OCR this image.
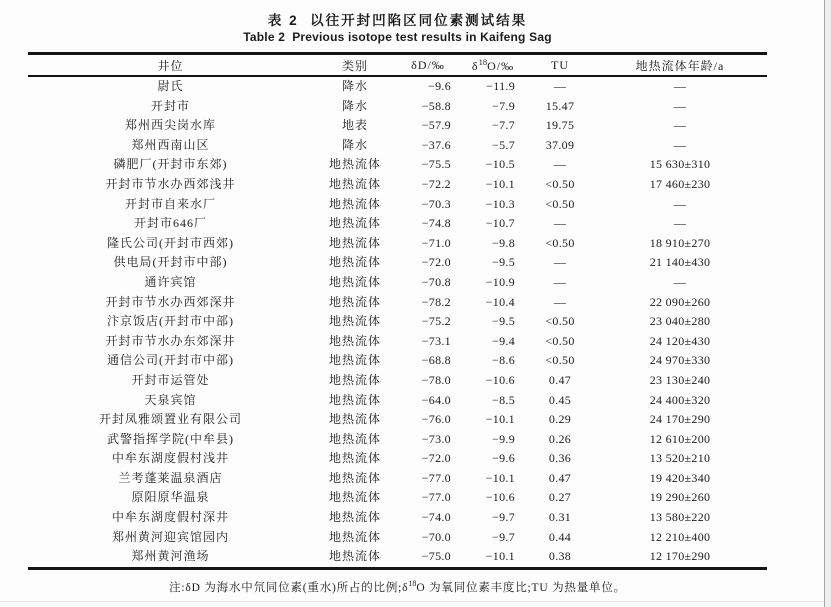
表 2  以往开封凹陷区同位素测试结果
Table 2  Previous isotope test results in Kaifeng Sag
井位	类别	δD/‰	$\delta^{18}O/‰$	TU	地热流体年龄/a
尉氏	降水	−9.6	−11.9	—	—
开封市	降水	−58.8	−7.9	15.47	—
郑州西尖岗水库	地表	−57.9	−7.7	19.75	—
郑州西南山区	降水	−37.6	−5.7	37.09	—
磷肥厂(开封市东郊)	地热流体	−75.5	−10.5	—	15 630±310
开封市节水办西郊浅井	地热流体	−72.2	−10.1	<0.50	17 460±230
开封市自来水厂	地热流体	−70.3	−10.3	<0.50	—
开封市646厂	地热流体	−74.8	−10.7	—	—
隆氏公司(开封市西郊)	地热流体	−71.0	−9.8	<0.50	18 910±270
供电局(开封市中部)	地热流体	−72.0	−9.5	—	21 140±430
通许宾馆	地热流体	−70.8	−10.9	—	—
开封市节水办西郊深井	地热流体	−78.2	−10.4	—	22 090±260
汴京饭店(开封市中部)	地热流体	−75.2	−9.5	<0.50	23 040±280
开封市节水办东郊深井	地热流体	−73.1	−9.4	<0.50	24 120±430
通信公司(开封市中部)	地热流体	−68.8	−8.6	<0.50	24 970±330
开封市运管处	地热流体	−78.0	−10.6	0.47	23 130±240
天泉宾馆	地热流体	−64.0	−8.5	0.45	24 400±320
开封凤雅颂置业有限公司	地热流体	−76.0	−10.1	0.29	24 170±290
武警指挥学院(中牟县)	地热流体	−73.0	−9.9	0.26	12 610±200
中牟东湖度假村浅井	地热流体	−72.0	−9.6	0.36	13 520±210
兰考蓬莱温泉酒店	地热流体	−77.0	−10.1	0.47	19 420±340
原阳原华温泉	地热流体	−77.0	−10.6	0.27	19 290±260
中牟东湖度假村深井	地热流体	−74.0	−9.7	0.31	13 580±220
郑州黄河迎宾馆园内	地热流体	−70.0	−9.7	0.44	12 210±400
郑州黄河渔场	地热流体	−75.0	−10.1	0.38	12 170±290
注:δD 为海水中氘同位素(重水)所占的比例$;\delta^{18}O$ 为氧同位素丰度比;TU 为热量单位。
